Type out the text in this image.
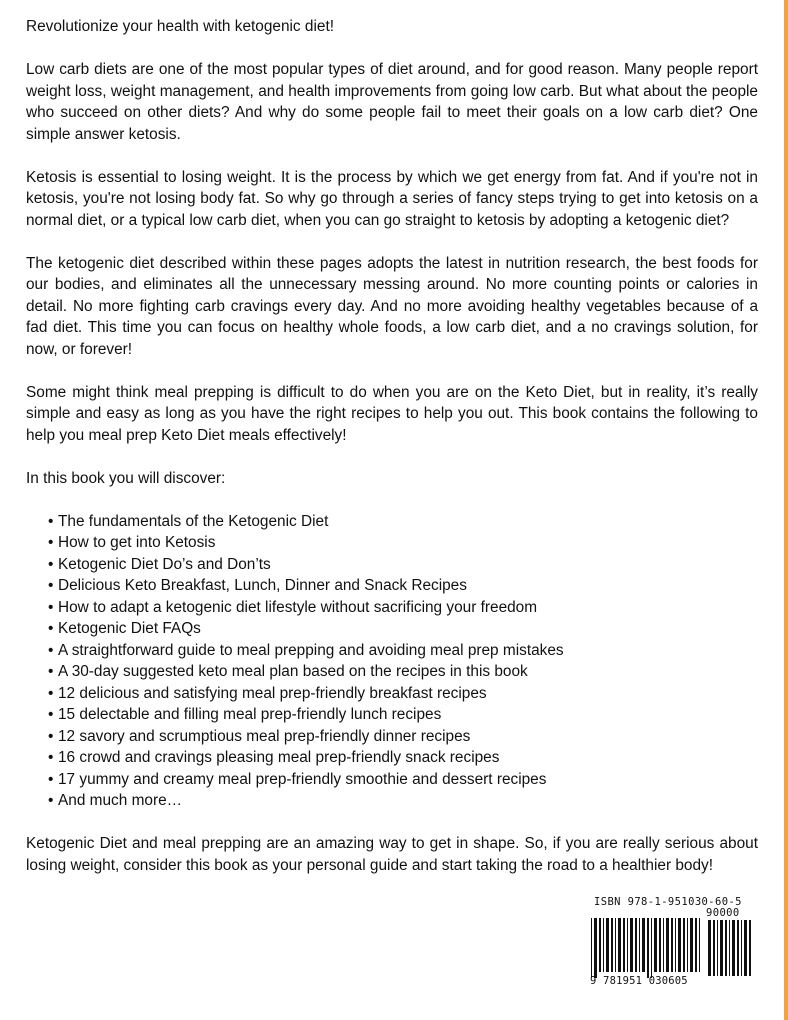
Revolutionize your health with ketogenic diet!

Low carb diets are one of the most popular types of diet around, and for good reason. Many people report weight loss, weight management, and health improvements from going low carb. But what about the people who succeed on other diets? And why do some people fail to meet their goals on a low carb diet? One simple answer ketosis.

Ketosis is essential to losing weight. It is the process by which we get energy from fat. And if you're not in ketosis, you're not losing body fat. So why go through a series of fancy steps trying to get into ketosis on a normal diet, or a typical low carb diet, when you can go straight to ketosis by adopting a ketogenic diet?

The ketogenic diet described within these pages adopts the latest in nutrition research, the best foods for our bodies, and eliminates all the unnecessary messing around. No more counting points or calories in detail. No more fighting carb cravings every day. And no more avoiding healthy vegetables because of a fad diet. This time you can focus on healthy whole foods, a low carb diet, and a no cravings solution, for now, or forever!

Some might think meal prepping is difficult to do when you are on the Keto Diet, but in reality, it’s really simple and easy as long as you have the right recipes to help you out. This book contains the following to help you meal prep Keto Diet meals effectively!

In this book you will discover:

• The fundamentals of the Ketogenic Diet
• How to get into Ketosis
• Ketogenic Diet Do’s and Don’ts
• Delicious Keto Breakfast, Lunch, Dinner and Snack Recipes
• How to adapt a ketogenic diet lifestyle without sacrificing your freedom
• Ketogenic Diet FAQs
• A straightforward guide to meal prepping and avoiding meal prep mistakes
• A 30-day suggested keto meal plan based on the recipes in this book
• 12 delicious and satisfying meal prep-friendly breakfast recipes
• 15 delectable and filling meal prep-friendly lunch recipes
• 12 savory and scrumptious meal prep-friendly dinner recipes
• 16 crowd and cravings pleasing meal prep-friendly snack recipes
• 17 yummy and creamy meal prep-friendly smoothie and dessert recipes
• And much more…

Ketogenic Diet and meal prepping are an amazing way to get in shape. So, if you are really serious about losing weight, consider this book as your personal guide and start taking the road to a healthier body!

ISBN 978-1-951030-60-5
90000
9 781951 030605
